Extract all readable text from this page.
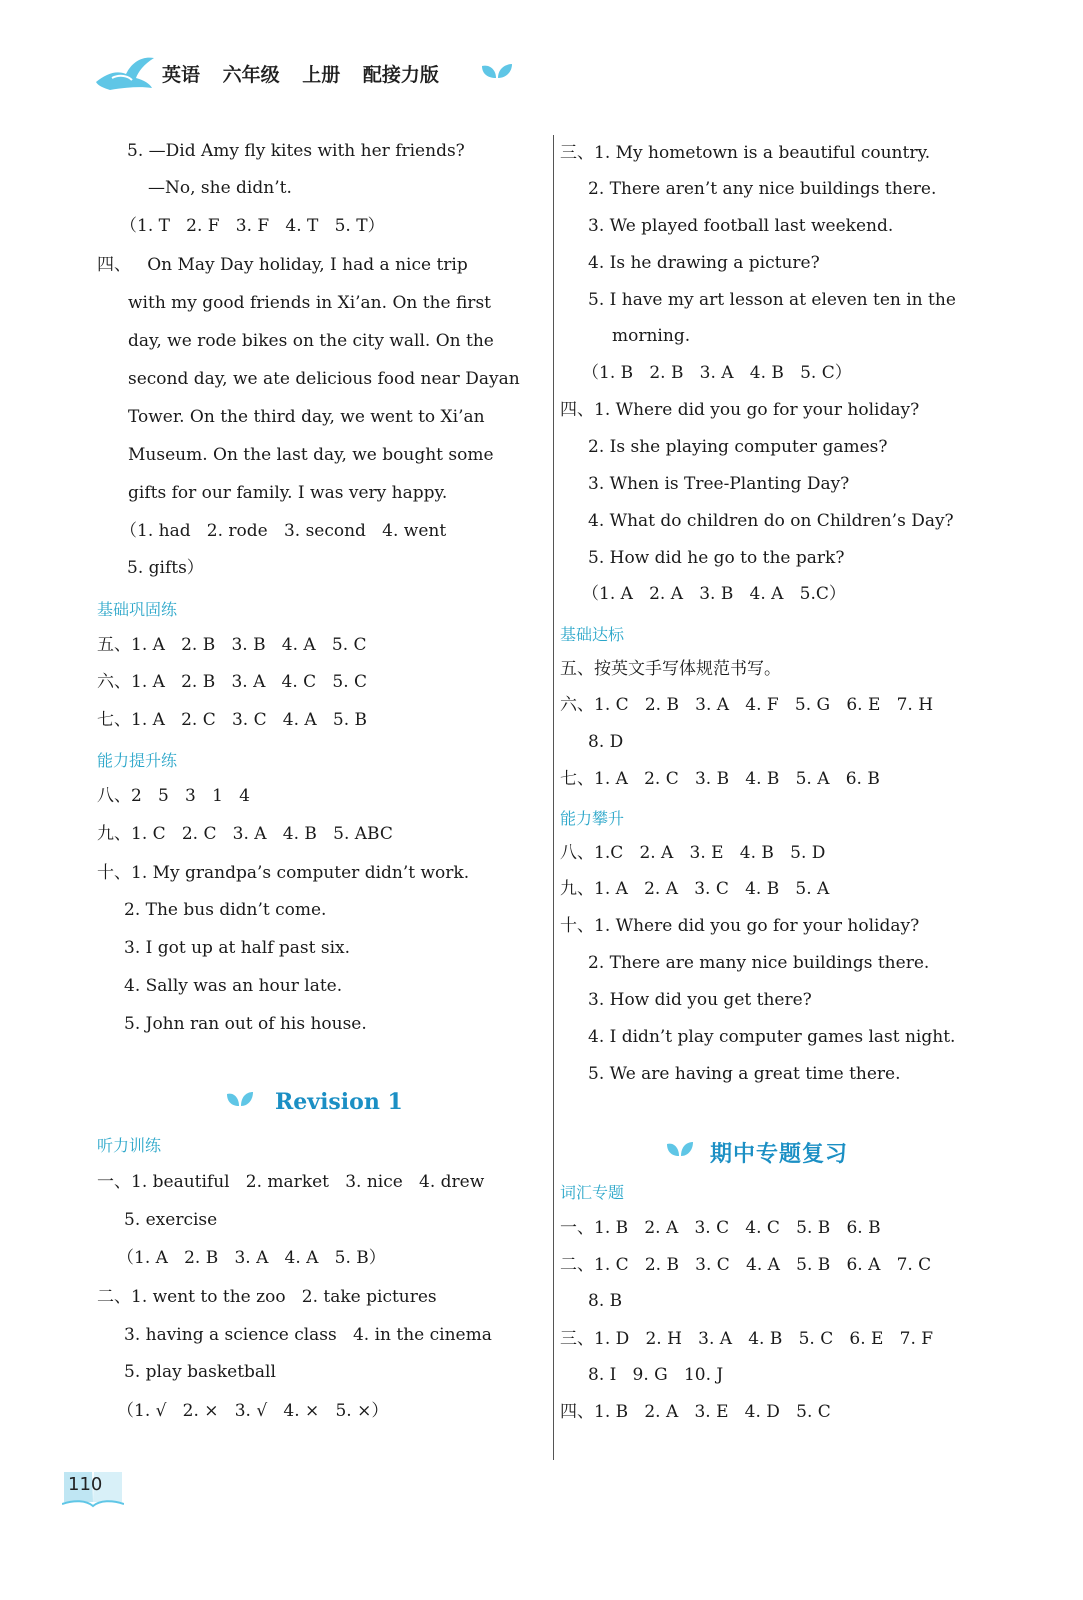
英语 六年级 上册 配接力版
5. —Did Amy fly kites with her friends?
—No, she didn’t.
（1. T   2. F   3. F   4. T   5. T）
四、   On May Day holiday, I had a nice trip
with my good friends in Xi’an. On the first
day, we rode bikes on the city wall. On the
second day, we ate delicious food near Dayan
Tower. On the third day, we went to Xi’an
Museum. On the last day, we bought some
gifts for our family. I was very happy.
（1. had   2. rode   3. second   4. went
5. gifts）
基础巩固练
五、1. A   2. B   3. B   4. A   5. C
六、1. A   2. B   3. A   4. C   5. C
七、1. A   2. C   3. C   4. A   5. B
能力提升练
八、2   5   3   1   4
九、1. C   2. C   3. A   4. B   5. ABC
十、1. My grandpa’s computer didn’t work.
2. The bus didn’t come.
3. I got up at half past six.
4. Sally was an hour late.
5. John ran out of his house.
Revision 1
听力训练
一、1. beautiful   2. market   3. nice   4. drew
5. exercise
（1. A   2. B   3. A   4. A   5. B）
二、1. went to the zoo   2. take pictures
3. having a science class   4. in the cinema
5. play basketball
（1. √   2. ×   3. √   4. ×   5. ×）
三、1. My hometown is a beautiful country.
2. There aren’t any nice buildings there.
3. We played football last weekend.
4. Is he drawing a picture?
5. I have my art lesson at eleven ten in the
morning.
（1. B   2. B   3. A   4. B   5. C）
四、1. Where did you go for your holiday?
2. Is she playing computer games?
3. When is Tree-Planting Day?
4. What do children do on Children’s Day?
5. How did he go to the park?
（1. A   2. A   3. B   4. A   5.C）
基础达标
五、按英文手写体规范书写。
六、1. C   2. B   3. A   4. F   5. G   6. E   7. H
8. D
七、1. A   2. C   3. B   4. B   5. A   6. B
能力攀升
八、1.C   2. A   3. E   4. B   5. D
九、1. A   2. A   3. C   4. B   5. A
十、1. Where did you go for your holiday?
2. There are many nice buildings there.
3. How did you get there?
4. I didn’t play computer games last night.
5. We are having a great time there.
期中专题复习
词汇专题
一、1. B   2. A   3. C   4. C   5. B   6. B
二、1. C   2. B   3. C   4. A   5. B   6. A   7. C
8. B
三、1. D   2. H   3. A   4. B   5. C   6. E   7. F
8. I   9. G   10. J
四、1. B   2. A   3. E   4. D   5. C
110
